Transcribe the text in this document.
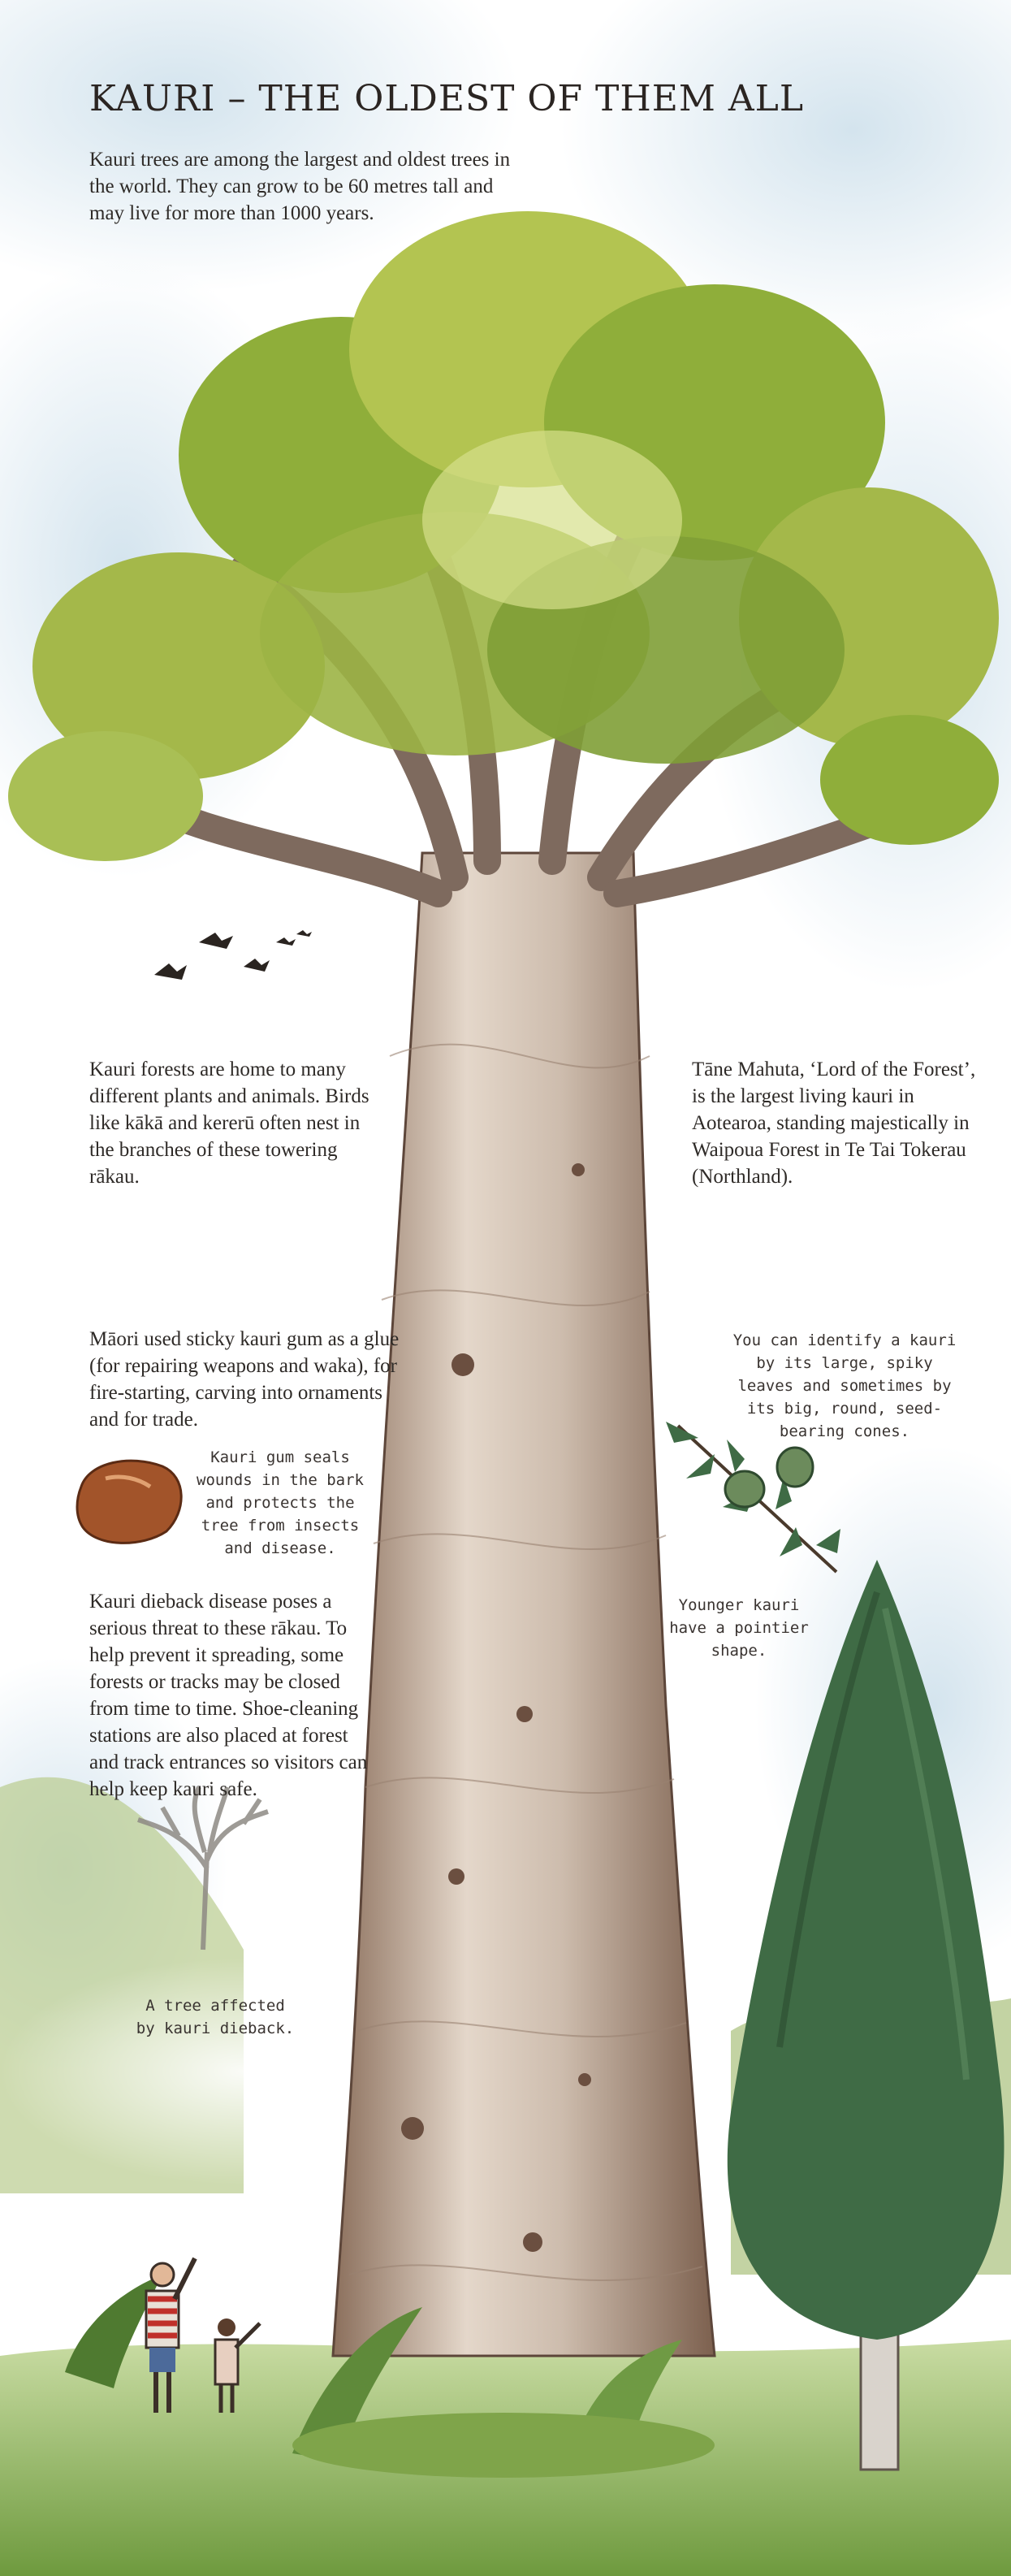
KAURI – THE OLDEST OF THEM ALL

Kauri trees are among the largest and oldest trees in the world. They can grow to be 60 metres tall and may live for more than 1000 years.

Kauri forests are home to many different plants and animals. Birds like kākā and kererū often nest in the branches of these towering rākau.

Tāne Mahuta, ‘Lord of the Forest’, is the largest living kauri in Aotearoa, standing majestically in Waipoua Forest in Te Tai Tokerau (Northland).

Māori used sticky kauri gum as a glue (for repairing weapons and waka), for fire-starting, carving into ornaments and for trade.

You can identify a kauri by its large, spiky leaves and sometimes by its big, round, seed-bearing cones.

Kauri gum seals wounds in the bark and protects the tree from insects and disease.

Younger kauri have a pointier shape.

Kauri dieback disease poses a serious threat to these rākau. To help prevent it spreading, some forests or tracks may be closed from time to time. Shoe-cleaning stations are also placed at forest and track entrances so visitors can help keep kauri safe.

A tree affected by kauri dieback.
